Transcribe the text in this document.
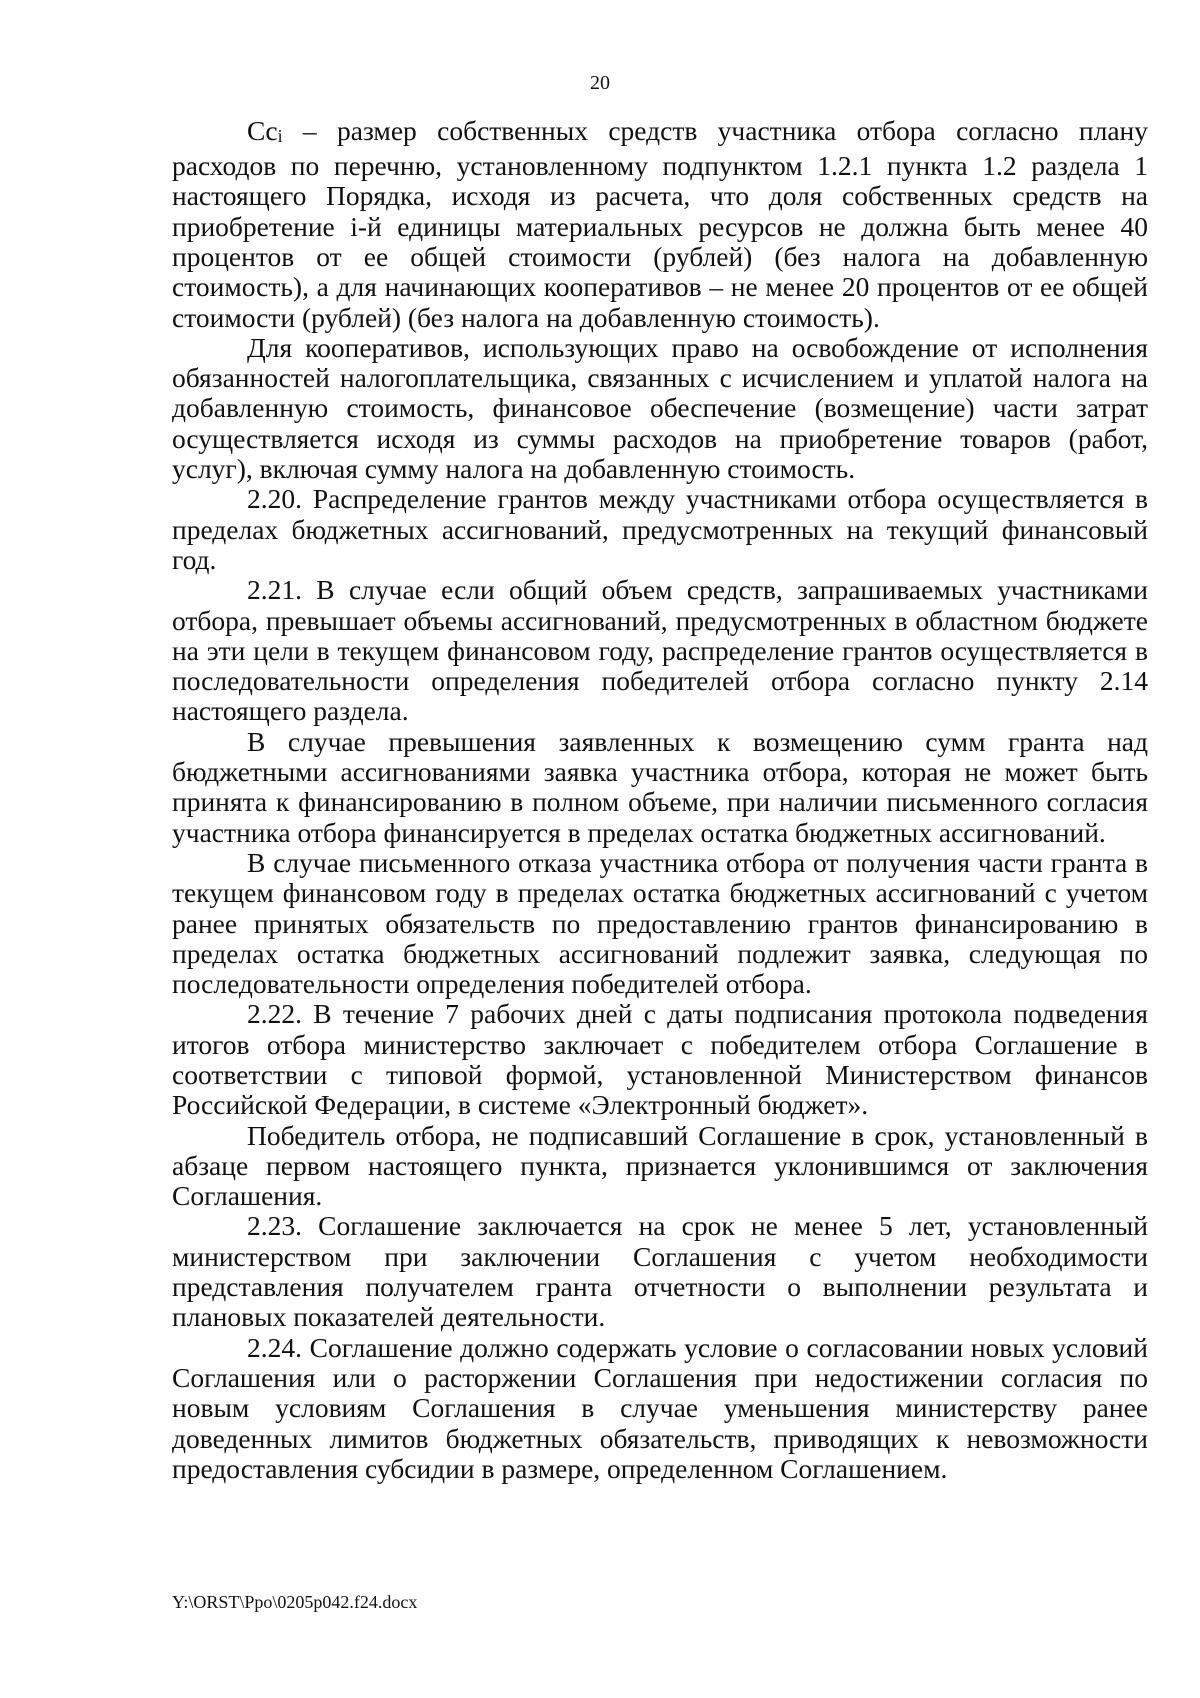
20

Cci – размер собственных средств участника отбора согласно плану расходов по перечню, установленному подпунктом 1.2.1 пункта 1.2 раздела 1 настоящего Порядка, исходя из расчета, что доля собственных средств на приобретение i-й единицы материальных ресурсов не должна быть менее 40 процентов от ее общей стоимости (рублей) (без налога на добавленную стоимость), а для начинающих кооперативов – не менее 20 процентов от ее общей стоимости (рублей) (без налога на добавленную стоимость).

Для кооперативов, использующих право на освобождение от исполнения обязанностей налогоплательщика, связанных с исчислением и уплатой налога на добавленную стоимость, финансовое обеспечение (возмещение) части затрат осуществляется исходя из суммы расходов на приобретение товаров (работ, услуг), включая сумму налога на добавленную стоимость.

2.20. Распределение грантов между участниками отбора осуществляется в пределах бюджетных ассигнований, предусмотренных на текущий финансовый год.

2.21. В случае если общий объем средств, запрашиваемых участниками отбора, превышает объемы ассигнований, предусмотренных в областном бюджете на эти цели в текущем финансовом году, распределение грантов осуществляется в последовательности определения победителей отбора согласно пункту 2.14 настоящего раздела.

В случае превышения заявленных к возмещению сумм гранта над бюджетными ассигнованиями заявка участника отбора, которая не может быть принята к финансированию в полном объеме, при наличии письменного согласия участника отбора финансируется в пределах остатка бюджетных ассигнований.

В случае письменного отказа участника отбора от получения части гранта в текущем финансовом году в пределах остатка бюджетных ассигнований с учетом ранее принятых обязательств по предоставлению грантов финансированию в пределах остатка бюджетных ассигнований подлежит заявка, следующая по последовательности определения победителей отбора.

2.22. В течение 7 рабочих дней с даты подписания протокола подведения итогов отбора министерство заключает с победителем отбора Соглашение в соответствии с типовой формой, установленной Министерством финансов Российской Федерации, в системе «Электронный бюджет».

Победитель отбора, не подписавший Соглашение в срок, установленный в абзаце первом настоящего пункта, признается уклонившимся от заключения Соглашения.

2.23. Соглашение заключается на срок не менее 5 лет, установленный министерством при заключении Соглашения с учетом необходимости представления получателем гранта отчетности о выполнении результата и плановых показателей деятельности.

2.24. Соглашение должно содержать условие о согласовании новых условий Соглашения или о расторжении Соглашения при недостижении согласия по новым условиям Соглашения в случае уменьшения министерству ранее доведенных лимитов бюджетных обязательств, приводящих к невозможности предоставления субсидии в размере, определенном Соглашением.

Y:\ORST\Ppo\0205p042.f24.docx
